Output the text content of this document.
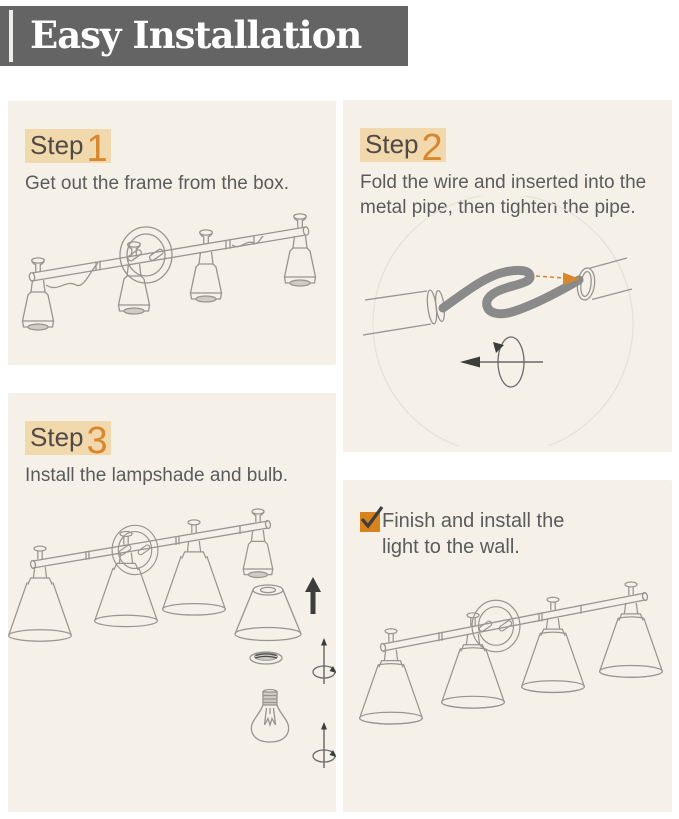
Easy Installation
Step 1

Get out the frame from the box.

Step 2

Fold the wire and inserted into the metal pipe, then tighten the pipe.

Step 3

Install the lampshade and bulb.

Finish and install the light to the wall.
